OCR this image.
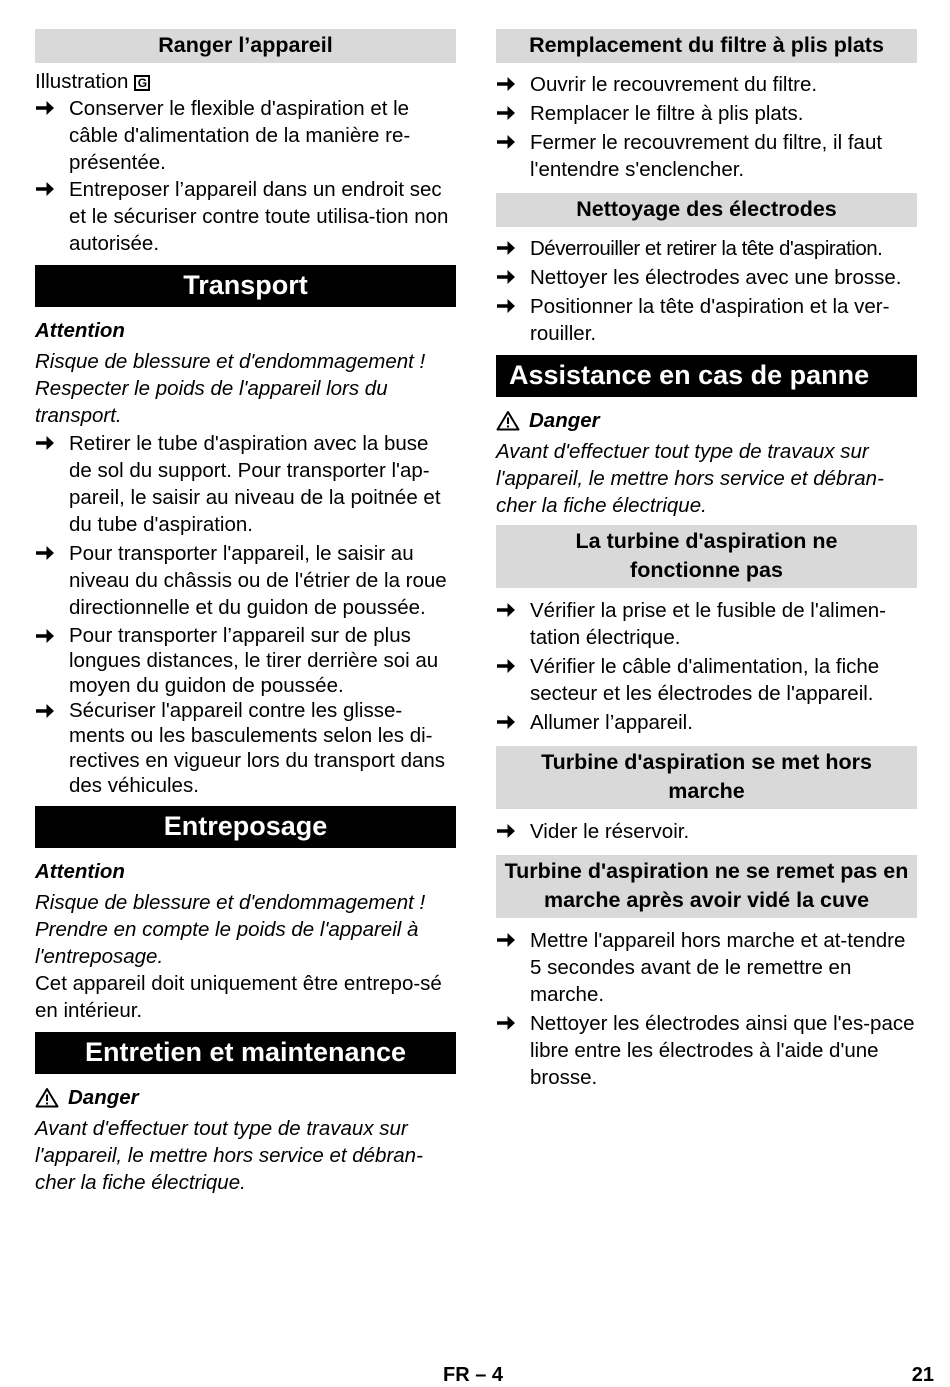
Ranger l’appareil
Illustration G
Conserver le flexible d'aspiration et le câble d'alimentation de la manière re-présentée.
Entreposer l’appareil dans un endroit sec et le sécuriser contre toute utilisa-tion non autorisée.
Transport
Attention
Risque de blessure et d'endommagement ! Respecter le poids de l'appareil lors du transport.
Retirer le tube d'aspiration avec la buse de sol du support. Pour transporter l'ap-pareil, le saisir au niveau de la poitnée et du tube d'aspiration.
Pour transporter l'appareil, le saisir au niveau du châssis ou de l'étrier de la roue directionnelle et du guidon de poussée.
Pour transporter l’appareil sur de plus longues distances, le tirer derrière soi au moyen du guidon de poussée.
Sécuriser l'appareil contre les glisse-ments ou les basculements selon les di-rectives en vigueur lors du transport dans des véhicules.
Entreposage
Attention
Risque de blessure et d'endommagement ! Prendre en compte le poids de l'appareil à l'entreposage.
Cet appareil doit uniquement être entrepo-sé en intérieur.
Entretien et maintenance
Danger
Avant d'effectuer tout type de travaux sur l'appareil, le mettre hors service et débran-cher la fiche électrique.
Remplacement du filtre à plis plats
Ouvrir le recouvrement du filtre.
Remplacer le filtre à plis plats.
Fermer le recouvrement du filtre, il faut l'entendre s'enclencher.
Nettoyage des électrodes
Déverrouiller et retirer la tête d'aspiration.
Nettoyer les électrodes avec une brosse.
Positionner la tête d'aspiration et la ver-rouiller.
Assistance en cas de panne
Danger
Avant d'effectuer tout type de travaux sur l'appareil, le mettre hors service et débran-cher la fiche électrique.
La turbine d'aspiration ne fonctionne pas
Vérifier la prise et le fusible de l'alimen-tation électrique.
Vérifier le câble d'alimentation, la fiche secteur et les électrodes de l'appareil.
Allumer l’appareil.
Turbine d'aspiration se met hors marche
Vider le réservoir.
Turbine d'aspiration ne se remet pas en marche après avoir vidé la cuve
Mettre l'appareil hors marche et at-tendre 5 secondes avant de le remettre en marche.
Nettoyer les électrodes ainsi que l'es-pace libre entre les électrodes à l'aide d'une brosse.
FR – 4	21
